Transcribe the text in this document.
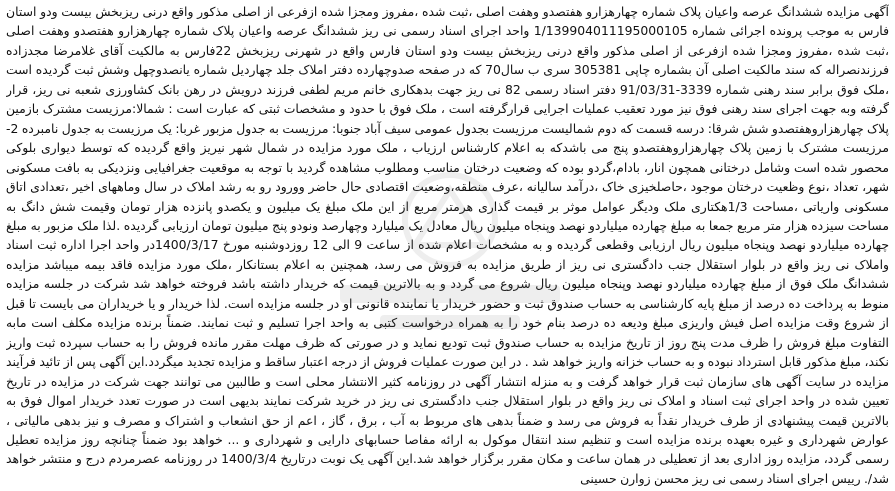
آگهی مزایده ششدانگ عرصه واعیان پلاک شماره چهارهزارو هفتصدو وهفت اصلی ،ثبت شده ،مفروز ومجزا شده ازفرعی از اصلی مذکور واقع درنی ریزبخش بیست ودو استان فارس به موجب پرونده اجرائی شماره 1/139904011195000105 واحد اجرای اسناد رسمی نی ریز ششدانگ عرصه واعیان پلاک شماره چهارهزارو هفتصدو وهفت اصلی ،ثبت شده ،مفروز ومجزا شده ازفرعی از اصلی مذکور واقع درنی ریزبخش بیست ودو استان فارس واقع در شهرنی ریزبخش 22فارس به مالکیت آقای غلامرضا مجدزاده فرزندنصراله که سند مالکیت اصلی آن بشماره چاپی 305381 سری ب سال70 که در صفحه صدوچهارده دفتر املاک جلد چهاردیل شماره یانصدوچهل وشش ثبت گردیده است ،ملک فوق برابر سند رهنی شماره 3339-91/03/31 دفتر اسناد رسمی 82 نی ریز جهت بدهکاری خانم مریم لطفی فرزند درویش در رهن بانک کشاورزی شعبه نی ریز، قرار گرفته وبه جهت اجرای سند رهنی فوق نیز مورد تعقیب عملیات اجرایی قرارگرفته است ، ملک فوق با حدود و مشخصات ثبتی که عبارت است : شمالا:مرزیست مشترک بازمین پلاک چهارهزاروهفتصدو شش شرقا: درسه قسمت که دوم شمالیست مرزیست بجدول عمومی سیف آباد جنوبا: مرزیست به جدول مزبور غربا: یک مرزیست به جدول نامبرده 2- مرزیست مشترک با زمین پلاک چهارهزاروهفتصدو پنج می باشدکه به اعلام کارشناس ارزیاب ، ملک مورد مزایده در شمال شهر نیریز واقع گردیده که توسط دیواری بلوکی محصور شده است وشامل درختانی همچون انار، بادام،گردو بوده که وضعیت درختان مناسب ومطلوب مشاهده گردید با توجه به موقعیت جغرافیایی ونزدیکی به بافت مسکونی شهر، تعداد ،نوع وظعیت درختان موجود ،حاصلخیزی خاک ،درآمد سالیانه ،عرف منطقه،وضعیت اقتصادی حال حاضر وورود رو به رشد املاک در سال وماههای اخیر ،تعدادی اتاق مسکونی واریاتی ،مساحت 1/3هکتاری ملک وديگر عوامل موثر بر قیمت گذاری هرمتر مربع از این ملک مبلغ یک میلیون و یکصدو پانزده هزار تومان وقیمت شش دانگ به مساحت سیزده هزار متر مربع جمعا به مبلغ چهارده میلیاردو نهصد وپنجاه میلیون ریال معادل یک میلیارد وچهارصد ونودو پنج میلیون تومان ارزیابی گردیده .لذا ملک مزبور به مبلغ چهارده میلیاردو نهصد وپنجاه میلیون ریال ارزیابی وقطعی گردیده و به مشخصات اعلام شده از ساعت 9 الی 12 روزدوشنبه مورخ 1400/3/17در واحد اجرا اداره ثبت اسناد واملاک نی ریز واقع در بلوار استقلال جنب دادگستری نی ریز از طریق مزایده به فروش می رسد، همچنین به اعلام بستانکار ،ملک مورد مزایده فاقد بیمه میباشد مزایده ششدانگ ملک فوق از مبلغ چهارده میلیاردو نهصد وپنجاه میلیون ریال شروع می گردد و به بالاترین قیمت که خریدار داشته باشد فروخته خواهد شد شرکت در جلسه مزایده منوط به پرداخت ده درصد از مبلغ پایه کارشناسی به حساب صندوق ثبت و حضور خریدار یا نماینده قانونی او در جلسه مزایده است. لذا خریدار و یا خریداران می بایست تا قبل از شروع وقت مزایده اصل فیش واریزی مبلغ ودیعه ده درصد بنام خود را به همراه درخواست کتبی به واحد اجرا تسلیم و ثبت نمایند. ضمناً برنده مزایده مکلف است مابه التفاوت مبلغ فروش را ظرف مدت پنج روز از تاریخ مزایده به حساب صندوق ثبت تودیع نماید و در صورتی که ظرف مهلت مقرر مانده فروش را به حساب سپرده ثبت واریز نکند، مبلغ مذکور قابل استرداد نبوده و به حساب خزانه واریز خواهد شد . در این صورت عملیات فروش از درجه اعتبار ساقط و مزایده تجدید میگردد.این آگهی پس از تائید فرآیند مزایده در سایت آگهی های سازمان ثبت قرار خواهد گرفت و به منزله انتشار آگهی در روزنامه کثیر الانتشار محلی است و طالبین می توانند جهت شرکت در مزایده در تاریخ تعیین شده در واحد اجرای ثبت اسناد و املاک نی ریز واقع در بلوار استقلال جنب دادگستری نی ریز در خرید شرکت نمایند بدیهی است در صورت تعدد خریدار اموال فوق به بالاترین قیمت پیشنهادی از طرف خریدار نقداً به فروش می رسد و ضمناً بدهی های مربوط به آب ، برق ، گاز ، اعم از حق انشعاب و اشتراک و مصرف و نیز بدهی مالیاتی ، عوارض شهرداری و غیره بعهده برنده مزایده است و تنظیم سند انتقال موکول به ارائه مفاصا حسابهای دارایی و شهرداری و ... خواهد بود ضمناً چنانچه روز مزایده تعطیل رسمی گردد، مزایده روز اداری بعد از تعطیلی در همان ساعت و مکان مقرر برگزار خواهد شد.این آگهی یک نوبت درتاریخ 1400/3/4 در روزنامه عصرمردم درج و منتشر خواهد شد/. رییس اجرای اسناد رسمی نی ریز محسن زوارن حسینی
